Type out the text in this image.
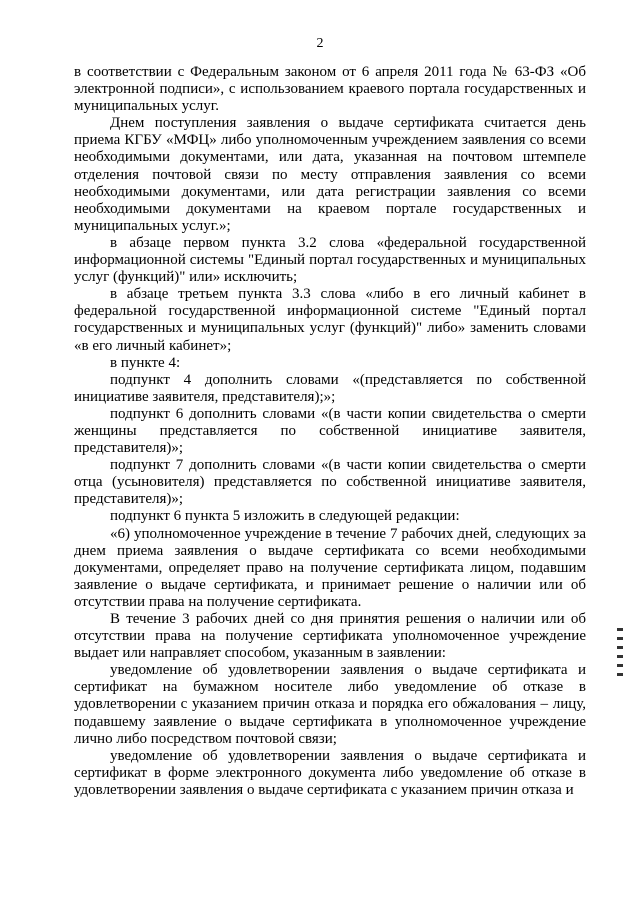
2

в соответствии с Федеральным законом от 6 апреля 2011 года № 63-ФЗ «Об электронной подписи», с использованием краевого портала государственных и муниципальных услуг.

Днем поступления заявления о выдаче сертификата считается день приема КГБУ «МФЦ» либо уполномоченным учреждением заявления со всеми необходимыми документами, или дата, указанная на почтовом штемпеле отделения почтовой связи по месту отправления заявления со всеми необходимыми документами, или дата регистрации заявления со всеми необходимыми документами на краевом портале государственных и муниципальных услуг.»;

в абзаце первом пункта 3.2 слова «федеральной государственной информационной системы "Единый портал государственных и муниципальных услуг (функций)" или» исключить;

в абзаце третьем пункта 3.3 слова «либо в его личный кабинет в федеральной государственной информационной системе "Единый портал государственных и муниципальных услуг (функций)" либо» заменить словами «в его личный кабинет»;

в пункте 4:

подпункт 4 дополнить словами «(представляется по собственной инициативе заявителя, представителя);»;

подпункт 6 дополнить словами «(в части копии свидетельства о смерти женщины представляется по собственной инициативе заявителя, представителя)»;

подпункт 7 дополнить словами «(в части копии свидетельства о смерти отца (усыновителя) представляется по собственной инициативе заявителя, представителя)»;

подпункт 6 пункта 5 изложить в следующей редакции:

«6) уполномоченное учреждение в течение 7 рабочих дней, следующих за днем приема заявления о выдаче сертификата со всеми необходимыми документами, определяет право на получение сертификата лицом, подавшим заявление о выдаче сертификата, и принимает решение о наличии или об отсутствии права на получение сертификата.

В течение 3 рабочих дней со дня принятия решения о наличии или об отсутствии права на получение сертификата уполномоченное учреждение выдает или направляет способом, указанным в заявлении:

уведомление об удовлетворении заявления о выдаче сертификата и сертификат на бумажном носителе либо уведомление об отказе в удовлетворении с указанием причин отказа и порядка его обжалования – лицу, подавшему заявление о выдаче сертификата в уполномоченное учреждение лично либо посредством почтовой связи;

уведомление об удовлетворении заявления о выдаче сертификата и сертификат в форме электронного документа либо уведомление об отказе в удовлетворении заявления о выдаче сертификата с указанием причин отказа и
